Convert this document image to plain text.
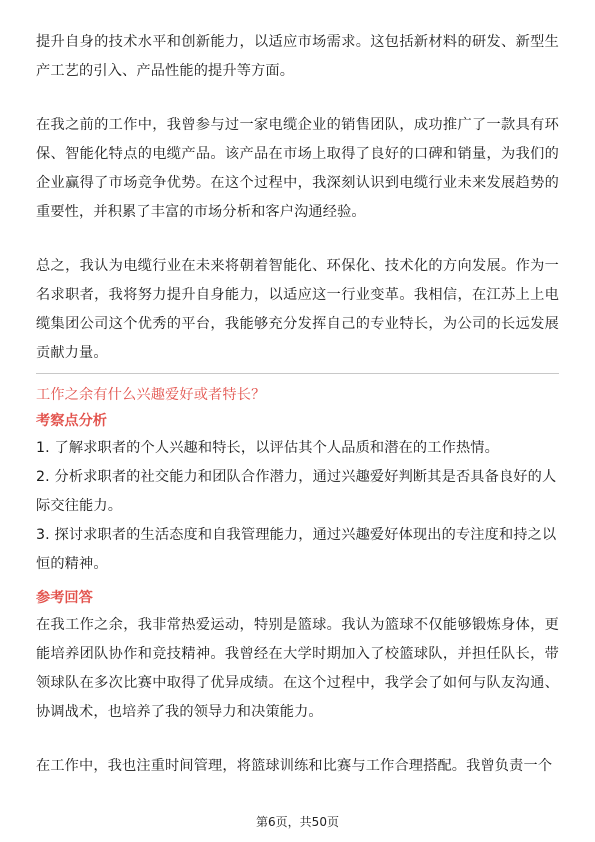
提升自身的技术水平和创新能力，以适应市场需求。这包括新材料的研发、新型生产工艺的引入、产品性能的提升等方面。

在我之前的工作中，我曾参与过一家电缆企业的销售团队，成功推广了一款具有环保、智能化特点的电缆产品。该产品在市场上取得了良好的口碑和销量，为我们的企业赢得了市场竞争优势。在这个过程中，我深刻认识到电缆行业未来发展趋势的重要性，并积累了丰富的市场分析和客户沟通经验。

总之，我认为电缆行业在未来将朝着智能化、环保化、技术化的方向发展。作为一名求职者，我将努力提升自身能力，以适应这一行业变革。我相信，在江苏上上电缆集团公司这个优秀的平台，我能够充分发挥自己的专业特长，为公司的长远发展贡献力量。

工作之余有什么兴趣爱好或者特长？

考察点分析

1. 了解求职者的个人兴趣和特长，以评估其个人品质和潜在的工作热情。

2. 分析求职者的社交能力和团队合作潜力，通过兴趣爱好判断其是否具备良好的人际交往能力。

3. 探讨求职者的生活态度和自我管理能力，通过兴趣爱好体现出的专注度和持之以恒的精神。

参考回答

在我工作之余，我非常热爱运动，特别是篮球。我认为篮球不仅能够锻炼身体，更能培养团队协作和竞技精神。我曾经在大学时期加入了校篮球队，并担任队长，带领球队在多次比赛中取得了优异成绩。在这个过程中，我学会了如何与队友沟通、协调战术，也培养了我的领导力和决策能力。

在工作中，我也注重时间管理，将篮球训练和比赛与工作合理搭配。我曾负责一个

第6页，共50页
